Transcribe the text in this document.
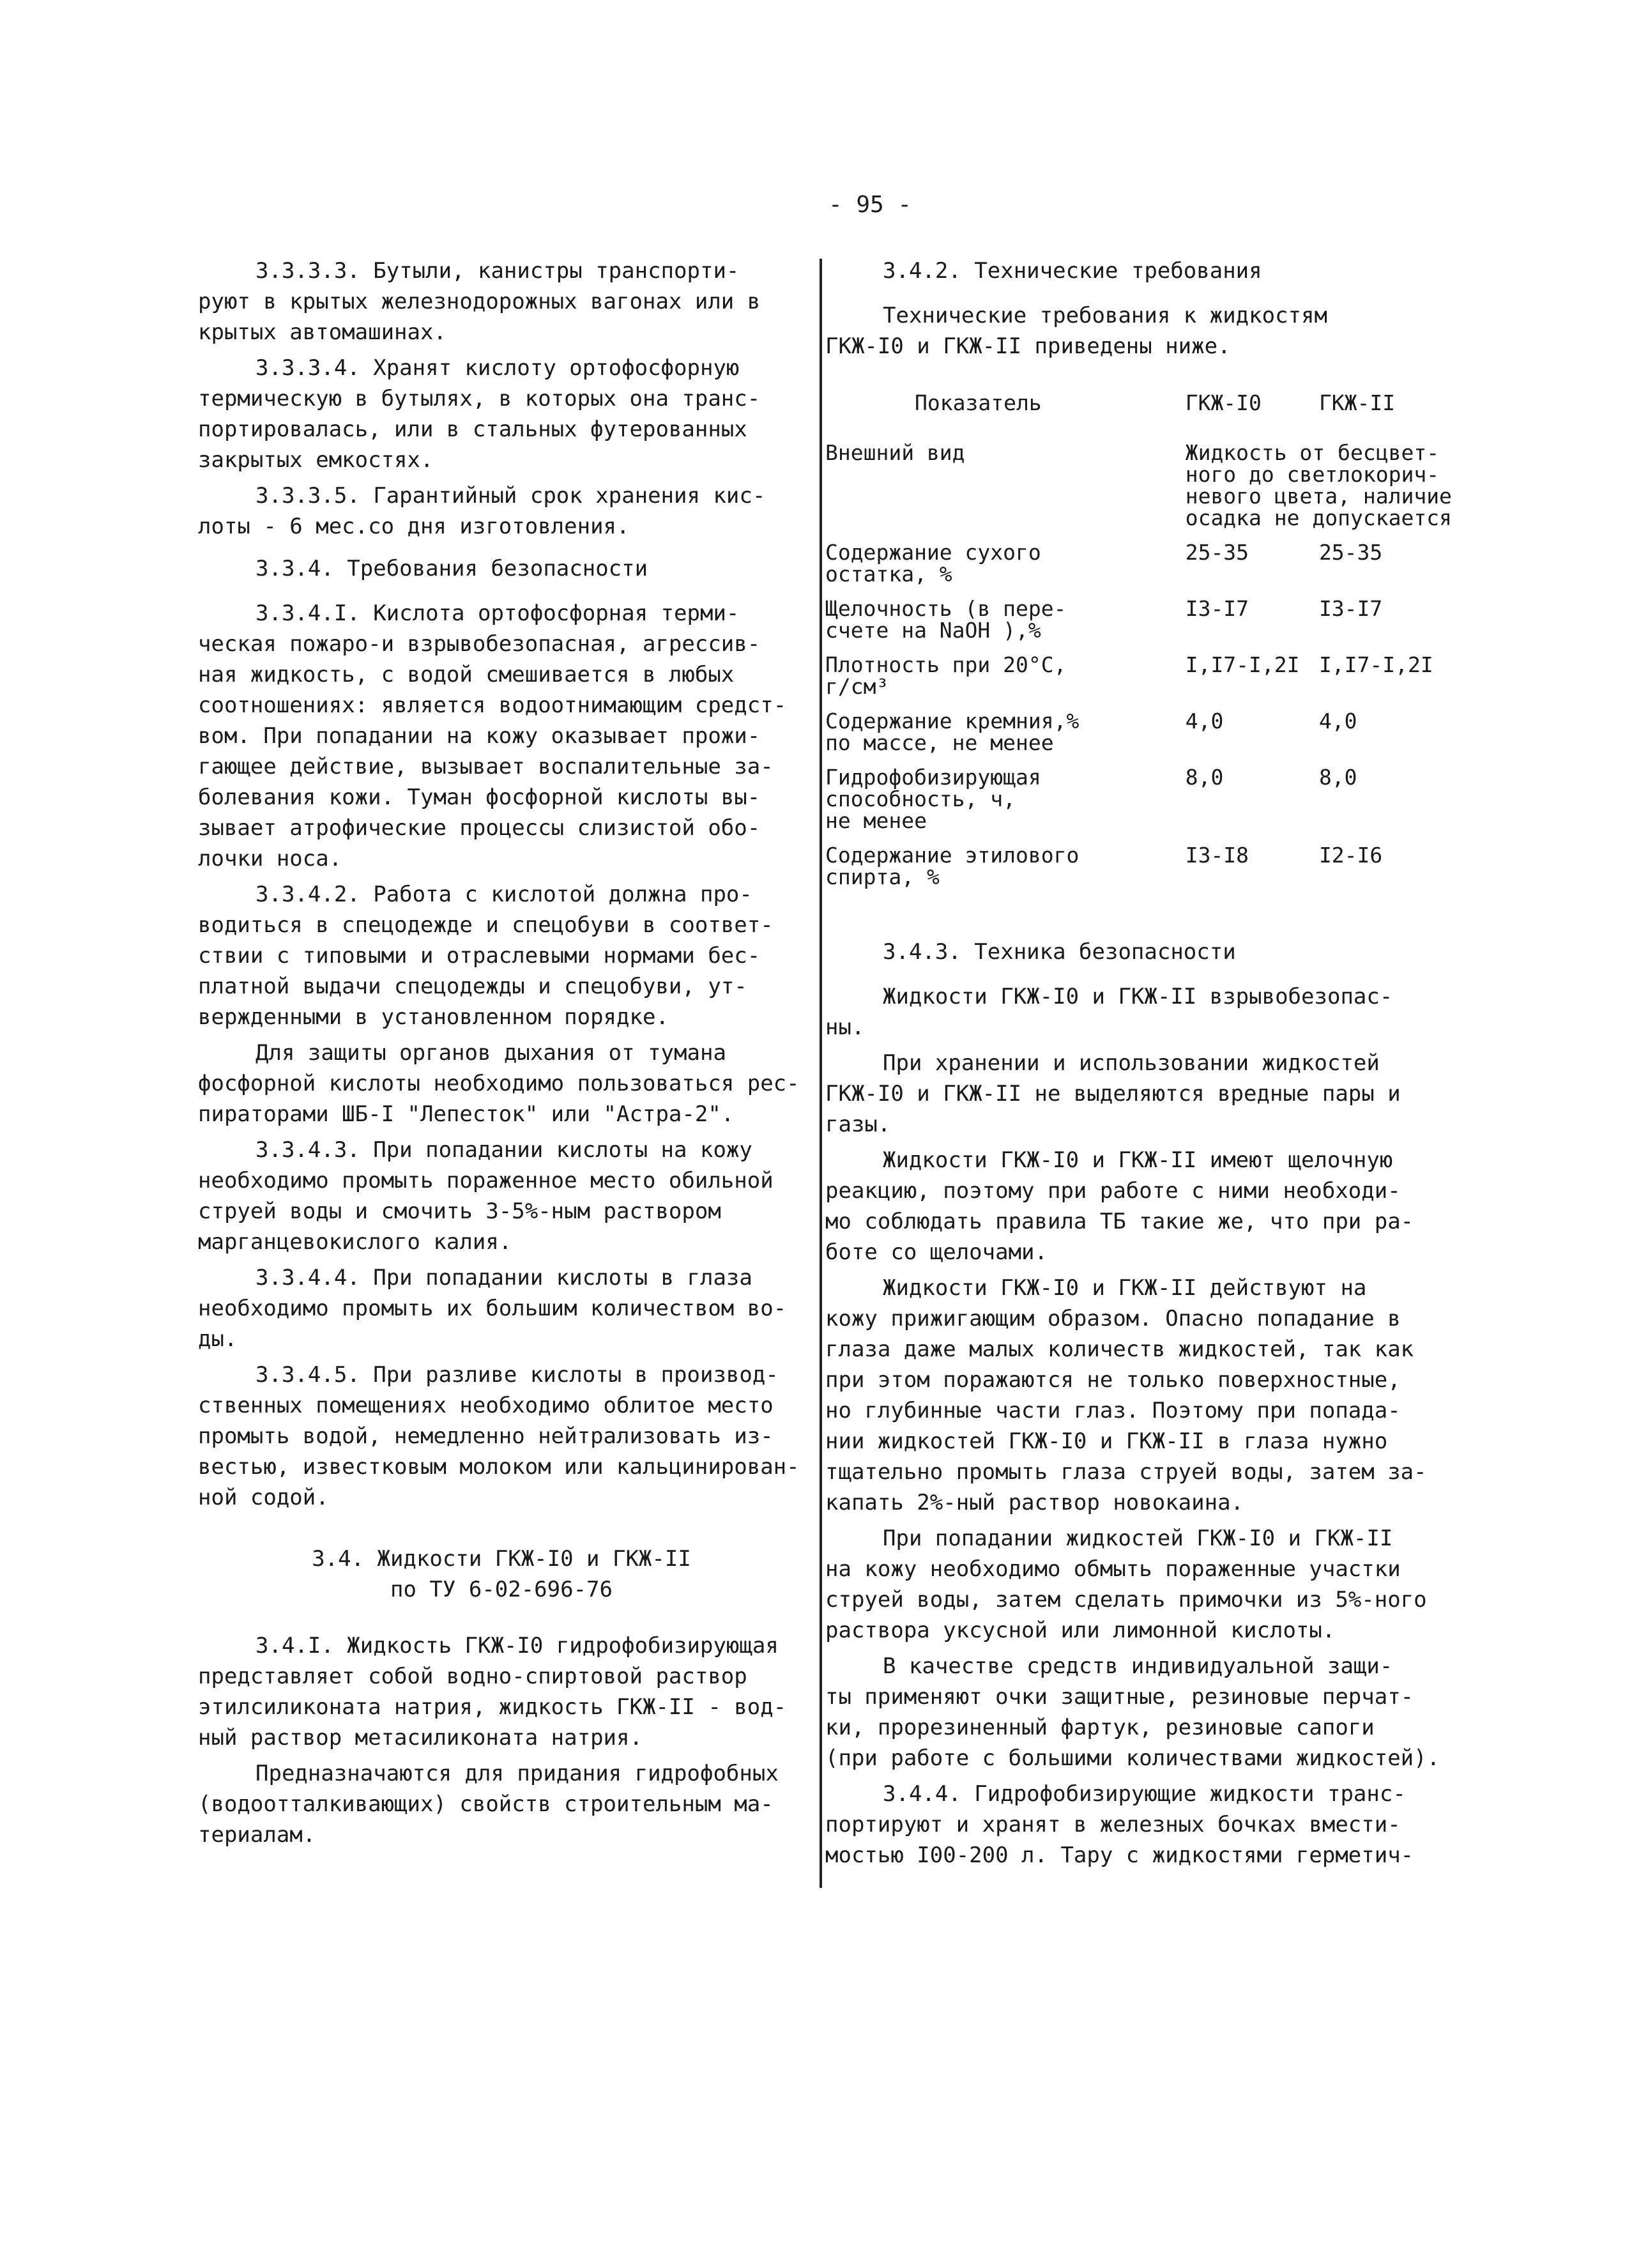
- 95 -

3.3.3.3. Бутыли, канистры транспорти-
руют в крытых железнодорожных вагонах или в
крытых автомашинах.

3.3.3.4. Хранят кислоту ортофосфорную
термическую в бутылях, в которых она транс-
портировалась, или в стальных футерованных
закрытых емкостях.

3.3.3.5. Гарантийный срок хранения кис-
лоты - 6 мес.со дня изготовления.

3.3.4. Требования безопасности

3.3.4.I. Кислота ортофосфорная терми-
ческая пожаро-и взрывобезопасная, агрессив-
ная жидкость, с водой смешивается в любых
соотношениях: является водоотнимающим средст-
вом. При попадании на кожу оказывает прожи-
гающее действие, вызывает воспалительные за-
болевания кожи. Туман фосфорной кислоты вы-
зывает атрофические процессы слизистой обо-
лочки носа.

3.3.4.2. Работа с кислотой должна про-
водиться в спецодежде и спецобуви в соответ-
ствии с типовыми и отраслевыми нормами бес-
платной выдачи спецодежды и спецобуви, ут-
вержденными в установленном порядке.

Для защиты органов дыхания от тумана
фосфорной кислоты необходимо пользоваться рес-
пираторами ШБ-I "Лепесток" или "Астра-2".

3.3.4.3. При попадании кислоты на кожу
необходимо промыть пораженное место обильной
струей воды и смочить 3-5%-ным раствором
марганцевокислого калия.

3.3.4.4. При попадании кислоты в глаза
необходимо промыть их большим количеством во-
ды.

3.3.4.5. При разливе кислоты в производ-
ственных помещениях необходимо облитое место
промыть водой, немедленно нейтрализовать из-
вестью, известковым молоком или кальцинирован-
ной содой.

3.4. Жидкости ГКЖ-I0 и ГКЖ-II
по ТУ 6-02-696-76

3.4.I. Жидкость ГКЖ-I0 гидрофобизирующая
представляет собой водно-спиртовой раствор
этилсиликоната натрия, жидкость ГКЖ-II - вод-
ный раствор метасиликоната натрия.

Предназначаются для придания гидрофобных
(водоотталкивающих) свойств строительным ма-
териалам.

3.4.2. Технические требования

Технические требования к жидкостям
ГКЖ-I0 и ГКЖ-II приведены ниже.

Показатель	ГКЖ-I0	ГКЖ-II
Внешний вид	Жидкость от бесцвет-
ного до светлокорич-
невого цвета, наличие
осадка не допускается	
Содержание сухого
остатка, %	25-35	25-35
Щелочность (в пере-
счете на NaOH ),%	I3-I7	I3-I7
Плотность при 20°С,
г/см³	I,I7-I,2I	I,I7-I,2I
Содержание кремния,%
по массе, не менее	4,0	4,0
Гидрофобизирующая
способность, ч,
не менее	8,0	8,0
Содержание этилового
спирта, %	I3-I8	I2-I6

3.4.3. Техника безопасности

Жидкости ГКЖ-I0 и ГКЖ-II взрывобезопас-
ны.

При хранении и использовании жидкостей
ГКЖ-I0 и ГКЖ-II не выделяются вредные пары и
газы.

Жидкости ГКЖ-I0 и ГКЖ-II имеют щелочную
реакцию, поэтому при работе с ними необходи-
мо соблюдать правила ТБ такие же, что при ра-
боте со щелочами.

Жидкости ГКЖ-I0 и ГКЖ-II действуют на
кожу прижигающим образом. Опасно попадание в
глаза даже малых количеств жидкостей, так как
при этом поражаются не только поверхностные,
но глубинные части глаз. Поэтому при попада-
нии жидкостей ГКЖ-I0 и ГКЖ-II в глаза нужно
тщательно промыть глаза струей воды, затем за-
капать 2%-ный раствор новокаина.

При попадании жидкостей ГКЖ-I0 и ГКЖ-II
на кожу необходимо обмыть пораженные участки
струей воды, затем сделать примочки из 5%-ного
раствора уксусной или лимонной кислоты.

В качестве средств индивидуальной защи-
ты применяют очки защитные, резиновые перчат-
ки, прорезиненный фартук, резиновые сапоги
(при работе с большими количествами жидкостей).

3.4.4. Гидрофобизирующие жидкости транс-
портируют и хранят в железных бочках вмести-
мостью I00-200 л. Тару с жидкостями герметич-
